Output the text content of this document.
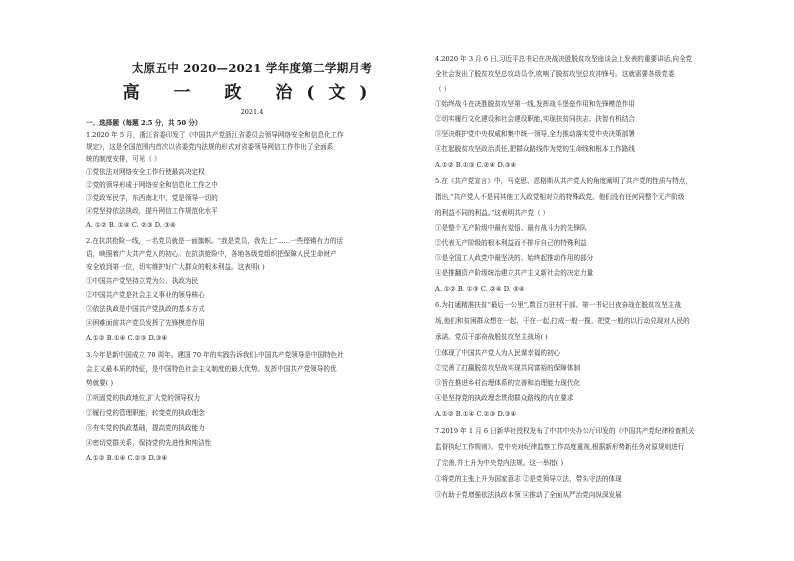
太原五中 2020—2021 学年度第二学期月考
高 一 政 治(文)
2021.4
一、选择题（每题 2.5 分，共 50 分）
1.2020 年 5 月，浙江省委印发了《中国共产党浙江省委员会领导网络安全和信息化工作
规定》，这是全国范围内首次以省委党内法规的形式对省委领导网信工作作出了全面系
统的制度安排，可见（ ）
①党依法对网络安全工作行使最高决定权
②党的领导形成于网络安全和信息化工作之中
③党政军民学，东西南北中，党是领导一切的
④党坚持依法执政，提升网信工作规范化水平
A. ①② B. ①④ C. ②③ D. ③④
2.在抗洪抢险一线，一名党员就是一面旗帜。“我是党员，我先上”……一些铿锵有力的话
语，映照着广大共产党人的初心。在抗洪抢险中，各地各级党组织把保障人民生命财产
安全放到第一位，切实维护好广大群众的根本利益。这表明( )
①中国共产党坚持立党为公、执政为民
②中国共产党是社会主义事业的领导核心
③依法执政是中国共产党执政的基本方式
④困难面前共产党员发挥了先锋模范作用
A.①② B.①④ C.②③ D.③④
3.今年是新中国成立 70 周年。建国 70 年的实践告诉我们:中国共产党领导是中国特色社
会主义最本质的特征，是中国特色社会主义制度的最大优势。发挥中国共产党领导的优
势就要( )
①巩固党的执政地位,扩大党的领导权力
②履行党的管理职能，转变党的执政理念
③夯实党的执政基础，提高党的执政能力
④密切党群关系，保持党的先进性和纯洁性
A.①② B.①④ C.②③ D.③④
4.2020 年 3 月 6 日,习近平总书记在决战决胜脱贫攻坚座谈会上发表的重要讲话,向全党
全社会发出了脱贫攻坚总攻动员令,吹响了脱贫攻坚总攻冲锋号。这就需要各级党委
（ ）
①始终战斗在决胜脱贫攻坚第一线,发挥战斗堡垒作用和先锋模范作用
②切实履行文化建设和社会建设职能,实现扶贫同扶志、扶智有机结合
③坚决维护党中央权威和集中统一领导,全力推动落实党中央决策部署
④扛起脱贫攻坚政治责任,把群众路线作为党的生命线和根本工作路线
A.①② B.①③ C.②④ D.③④
5.在《共产党宣言》中，马克思、恩格斯从共产党人的角度阐明了共产党的性质与特点，
指出,“共产党人不是同其他工人政党相对立的特殊政党。他们没有任何同整个无产阶级
的利益不同的利益。”这表明共产党（ ）
①是整个无产阶级中最有觉悟、最有战斗力的先锋队
②代表无产阶级的根本利益而不排斥自己的特殊利益
③是全国工人政党中最坚决的、始终起推动作用的部分
④是推翻资产阶级统治建立共产主义新社会的决定力量
A. ①② B. ①③ C. ②④ D. ③④
6.为打通精准扶贫“最后一公里”,数百万驻村干部、第一书记日夜奋战在脱贫攻坚主战
场,他们和贫困群众想在一起、干在一起,打成一般一揽、把党一般的以行动兑现对人民的
承诺。党员干部奋战脱贫攻坚主战场( )
①体现了中国共产党人为人民谋幸福的初心
②完善了打赢脱贫攻坚战实现共同富裕的保障体制
③旨在推进乡村治理体系的完善和治理能力现代化
④是坚持党的执政理念贯彻群众路线的内在要求
A.①② B.①④ C.②③ D.③④
7.2019 年 1 月 6 日新华社授权发布了中共中央办公厅印发的《中国共产党纪律检查机关
监督执纪工作规则》。党中央对纪律监察工作高度重视,根据新形势新任务对原规则进行
了完善,并上升为中央党内法规。这一举措( )
①将党的主张上升为国家意志 ②是党领导立法、带头守法的体现
③有助于党增强依法执政本领 ④推动了全面从严治党向纵深发展
